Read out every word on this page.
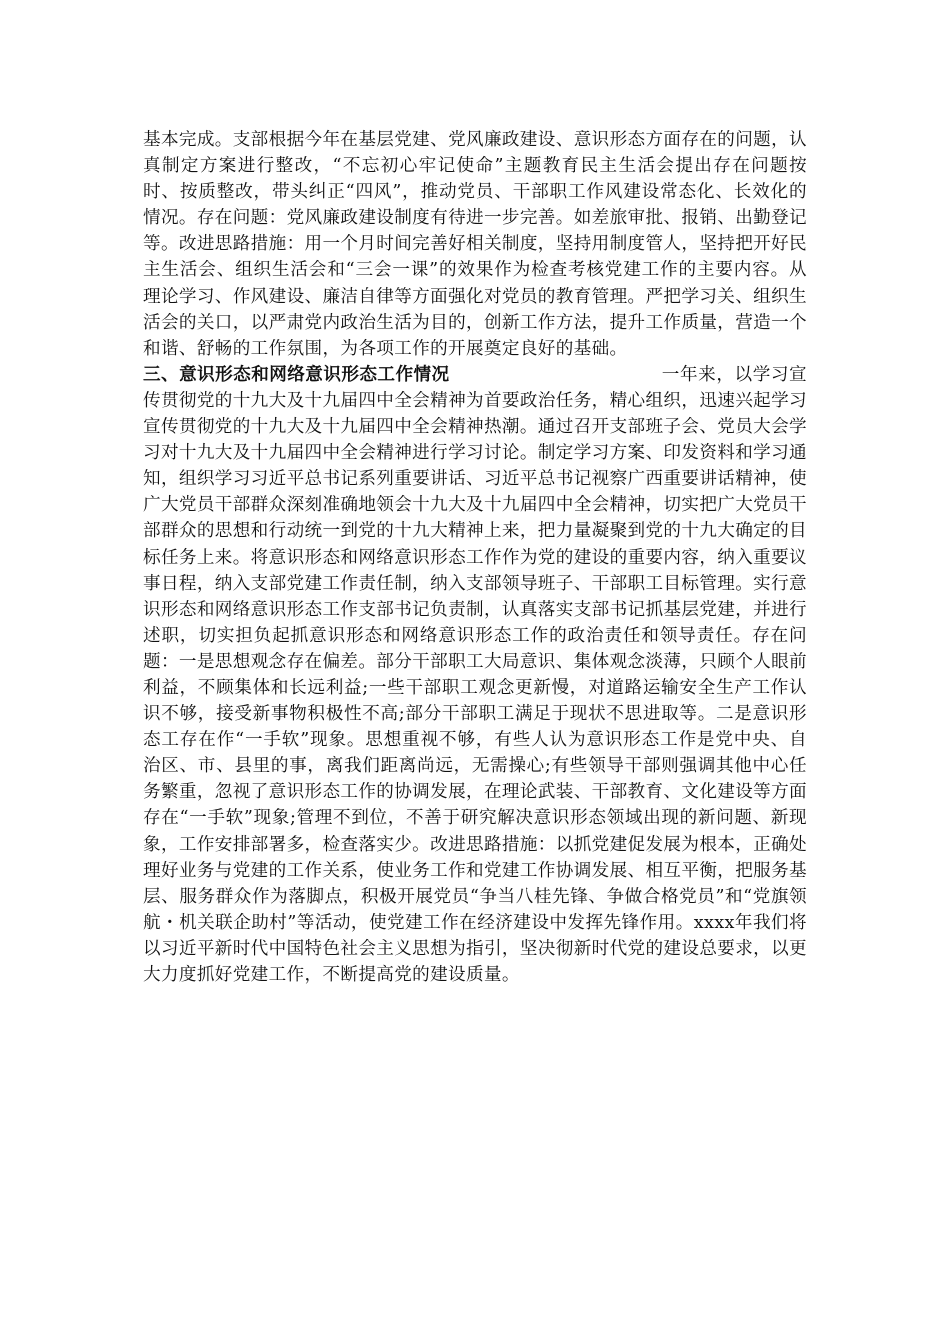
基本完成。支部根据今年在基层党建、党风廉政建设、意识形态方面存在的问题，认真制定方案进行整改，“不忘初心牢记使命”主题教育民主生活会提出存在问题按时、按质整改，带头纠正“四风”，推动党员、干部职工作风建设常态化、长效化的情况。存在问题：党风廉政建设制度有待进一步完善。如差旅审批、报销、出勤登记等。改进思路措施：用一个月时间完善好相关制度，坚持用制度管人，坚持把开好民主生活会、组织生活会和“三会一课”的效果作为检查考核党建工作的主要内容。从理论学习、作风建设、廉洁自律等方面强化对党员的教育管理。严把学习关、组织生活会的关口，以严肃党内政治生活为目的，创新工作方法，提升工作质量，营造一个和谐、舒畅的工作氛围，为各项工作的开展奠定良好的基础。

三、意识形态和网络意识形态工作情况	一年来，以学习宣传贯彻党的十九大及十九届四中全会精神为首要政治任务，精心组织，迅速兴起学习宣传贯彻党的十九大及十九届四中全会精神热潮。通过召开支部班子会、党员大会学习对十九大及十九届四中全会精神进行学习讨论。制定学习方案、印发资料和学习通知，组织学习习近平总书记系列重要讲话、习近平总书记视察广西重要讲话精神，使广大党员干部群众深刻准确地领会十九大及十九届四中全会精神，切实把广大党员干部群众的思想和行动统一到党的十九大精神上来，把力量凝聚到党的十九大确定的目标任务上来。将意识形态和网络意识形态工作作为党的建设的重要内容，纳入重要议事日程，纳入支部党建工作责任制，纳入支部领导班子、干部职工目标管理。实行意识形态和网络意识形态工作支部书记负责制，认真落实支部书记抓基层党建，并进行述职，切实担负起抓意识形态和网络意识形态工作的政治责任和领导责任。存在问题：一是思想观念存在偏差。部分干部职工大局意识、集体观念淡薄，只顾个人眼前利益，不顾集体和长远利益;一些干部职工观念更新慢，对道路运输安全生产工作认识不够，接受新事物积极性不高;部分干部职工满足于现状不思进取等。二是意识形态工存在作“一手软”现象。思想重视不够，有些人认为意识形态工作是党中央、自治区、市、县里的事，离我们距离尚远，无需操心;有些领导干部则强调其他中心任务繁重，忽视了意识形态工作的协调发展，在理论武装、干部教育、文化建设等方面存在“一手软”现象;管理不到位，不善于研究解决意识形态领域出现的新问题、新现象，工作安排部署多，检查落实少。改进思路措施：以抓党建促发展为根本，正确处理好业务与党建的工作关系，使业务工作和党建工作协调发展、相互平衡，把服务基层、服务群众作为落脚点，积极开展党员“争当八桂先锋、争做合格党员”和“党旗领航・机关联企助村”等活动，使党建工作在经济建设中发挥先锋作用。xxxx年我们将以习近平新时代中国特色社会主义思想为指引，坚决彻新时代党的建设总要求，以更大力度抓好党建工作，不断提高党的建设质量。
